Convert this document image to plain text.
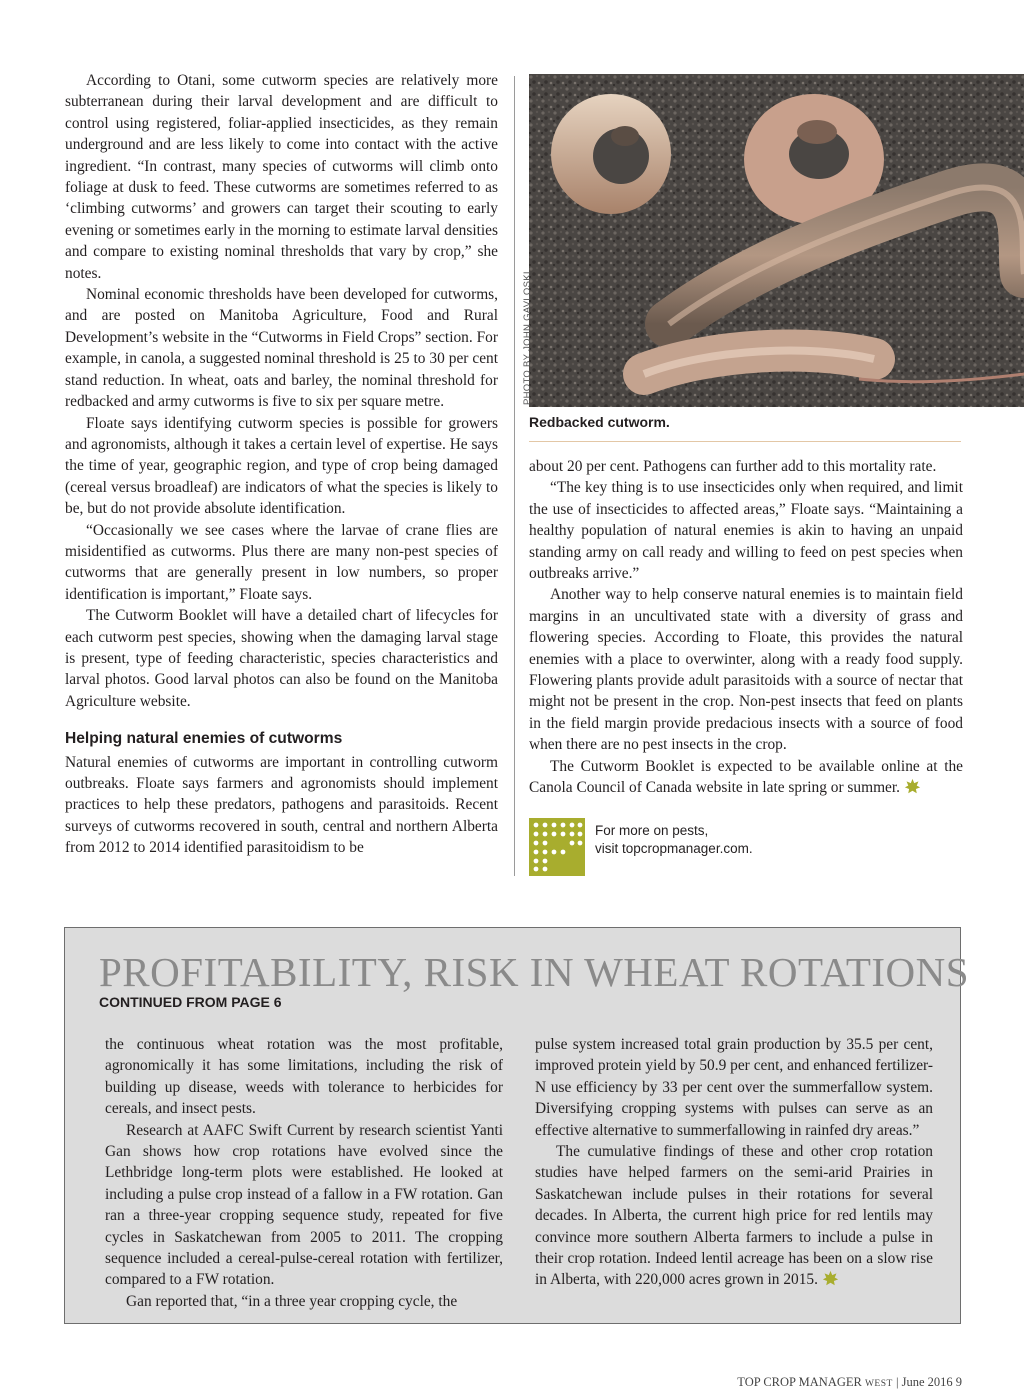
According to Otani, some cutworm species are relatively more subterranean during their larval development and are difficult to control using registered, foliar-applied insecticides, as they remain underground and are less likely to come into contact with the active ingredient. “In contrast, many species of cutworms will climb onto foliage at dusk to feed. These cutworms are sometimes referred to as ‘climbing cutworms’ and growers can target their scouting to early evening or sometimes early in the morning to estimate larval densities and compare to existing nominal thresholds that vary by crop,” she notes.

Nominal economic thresholds have been developed for cutworms, and are posted on Manitoba Agriculture, Food and Rural Development’s website in the “Cutworms in Field Crops” section. For example, in canola, a suggested nominal threshold is 25 to 30 per cent stand reduction. In wheat, oats and barley, the nominal threshold for redbacked and army cutworms is five to six per square metre.

Floate says identifying cutworm species is possible for growers and agronomists, although it takes a certain level of expertise. He says the time of year, geographic region, and type of crop being damaged (cereal versus broadleaf) are indicators of what the species is likely to be, but do not provide absolute identification.

“Occasionally we see cases where the larvae of crane flies are misidentified as cutworms. Plus there are many non-pest species of cutworms that are generally present in low numbers, so proper identification is important,” Floate says.

The Cutworm Booklet will have a detailed chart of lifecycles for each cutworm pest species, showing when the damaging larval stage is present, type of feeding characteristic, species characteristics and larval photos. Good larval photos can also be found on the Manitoba Agriculture website.

Helping natural enemies of cutworms

Natural enemies of cutworms are important in controlling cutworm outbreaks. Floate says farmers and agronomists should implement practices to help these predators, pathogens and parasitoids. Recent surveys of cutworms recovered in south, central and northern Alberta from 2012 to 2014 identified parasitoidism to be

PHOTO BY JOHN GAVLOSKI
Redbacked cutworm.

about 20 per cent. Pathogens can further add to this mortality rate.

“The key thing is to use insecticides only when required, and limit the use of insecticides to affected areas,” Floate says. “Maintaining a healthy population of natural enemies is akin to having an unpaid standing army on call ready and willing to feed on pest species when outbreaks arrive.”

Another way to help conserve natural enemies is to maintain field margins in an uncultivated state with a diversity of grass and flowering species. According to Floate, this provides the natural enemies with a place to overwinter, along with a ready food supply. Flowering plants provide adult parasitoids with a source of nectar that might not be present in the crop. Non-pest insects that feed on plants in the field margin provide predacious insects with a source of food when there are no pest insects in the crop.

The Cutworm Booklet is expected to be available online at the Canola Council of Canada website in late spring or summer.

For more on pests,
visit topcropmanager.com.
PROFITABILITY, RISK IN WHEAT ROTATIONS
CONTINUED FROM PAGE 6

the continuous wheat rotation was the most profitable, agronomically it has some limitations, including the risk of building up disease, weeds with tolerance to herbicides for cereals, and insect pests.

Research at AAFC Swift Current by research scientist Yanti Gan shows how crop rotations have evolved since the Lethbridge long-term plots were established. He looked at including a pulse crop instead of a fallow in a FW rotation. Gan ran a three-year cropping sequence study, repeated for five cycles in Saskatchewan from 2005 to 2011. The cropping sequence included a cereal-pulse-cereal rotation with fertilizer, compared to a FW rotation.

Gan reported that, “in a three year cropping cycle, the

pulse system increased total grain production by 35.5 per cent, improved protein yield by 50.9 per cent, and enhanced fertilizer-N use efficiency by 33 per cent over the summerfallow system. Diversifying cropping systems with pulses can serve as an effective alternative to summerfallowing in rainfed dry areas.”

The cumulative findings of these and other crop rotation studies have helped farmers on the semi-arid Prairies in Saskatchewan include pulses in their rotations for several decades. In Alberta, the current high price for red lentils may convince more southern Alberta farmers to include a pulse in their crop rotation. Indeed lentil acreage has been on a slow rise in Alberta, with 220,000 acres grown in 2015.

TOP CROP MANAGER WEST | June 2016 9
